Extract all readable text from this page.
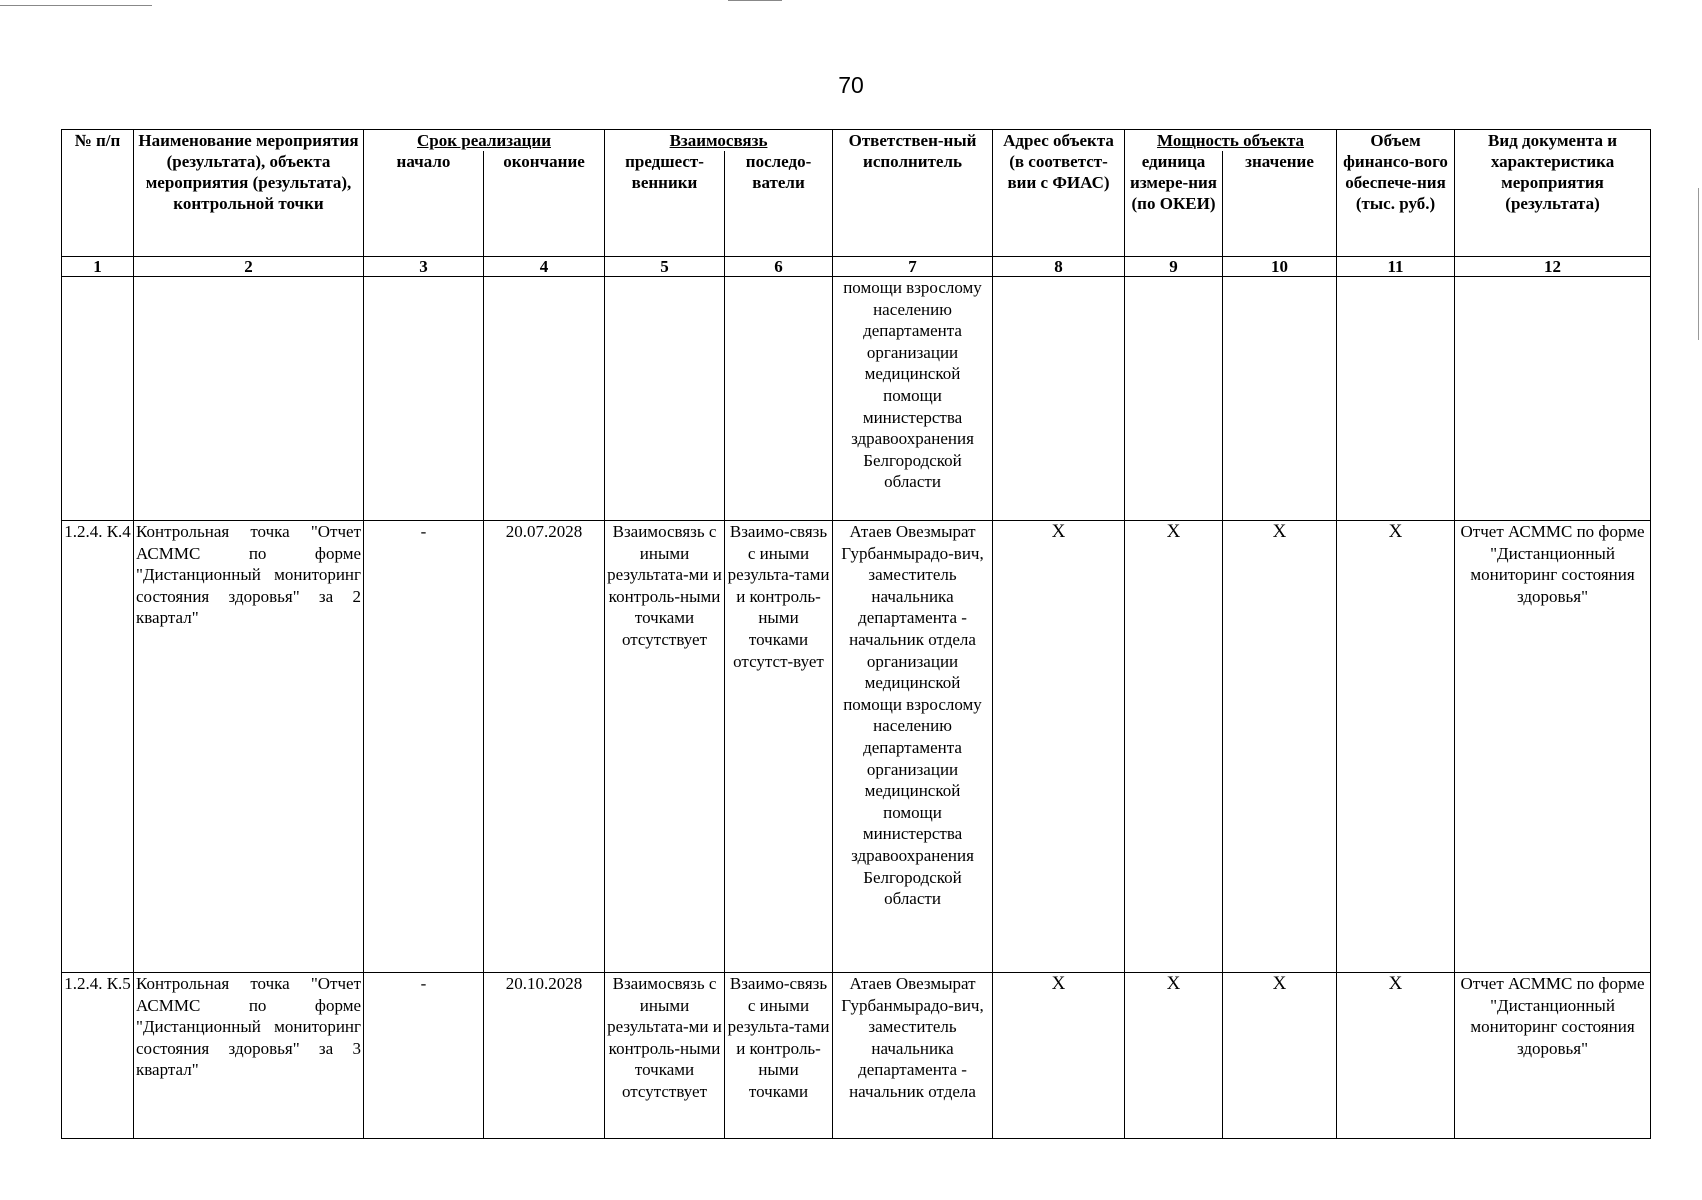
70
№ п/п	Наименование мероприятия (результата), объекта мероприятия (результата), контрольной точки	Срок реализации		Взаимосвязь		Ответствен-ный исполнитель	Адрес объекта (в соответст-вии с ФИАС)	Мощность объекта		Объем финансо-вого обеспече-ния (тыс. руб.)	Вид документа и характеристика мероприятия (результата)
		начало	окончание	предшест-венники	последо-ватели			единица измере-ния (по ОКЕИ)	значение		
1	2	3	4	5	6	7	8	9	10	11	12
						помощи взрослому населению департамента организации медицинской помощи министерства здравоохранения Белгородской области					
1.2.4. К.4	Контрольная точка "Отчет АСММС по форме "Дистанционный мониторинг состояния здоровья" за 2 квартал"	-	20.07.2028	Взаимосвязь с иными результата-ми и контроль-ными точками отсутствует	Взаимо-связь с иными результа-тами и контроль-ными точками отсутст-вует	Атаев Овезмырат Гурбанмырадо-вич, заместитель начальника департамента - начальник отдела организации медицинской помощи взрослому населению департамента организации медицинской помощи министерства здравоохранения Белгородской области	X	X	X	X	Отчет АСММС по форме "Дистанционный мониторинг состояния здоровья"
1.2.4. К.5	Контрольная точка "Отчет АСММС по форме "Дистанционный мониторинг состояния здоровья" за 3 квартал"	-	20.10.2028	Взаимосвязь с иными результата-ми и контроль-ными точками отсутствует	Взаимо-связь с иными результа-тами и контроль-ными точками	Атаев Овезмырат Гурбанмырадо-вич, заместитель начальника департамента - начальник отдела	X	X	X	X	Отчет АСММС по форме "Дистанционный мониторинг состояния здоровья"
